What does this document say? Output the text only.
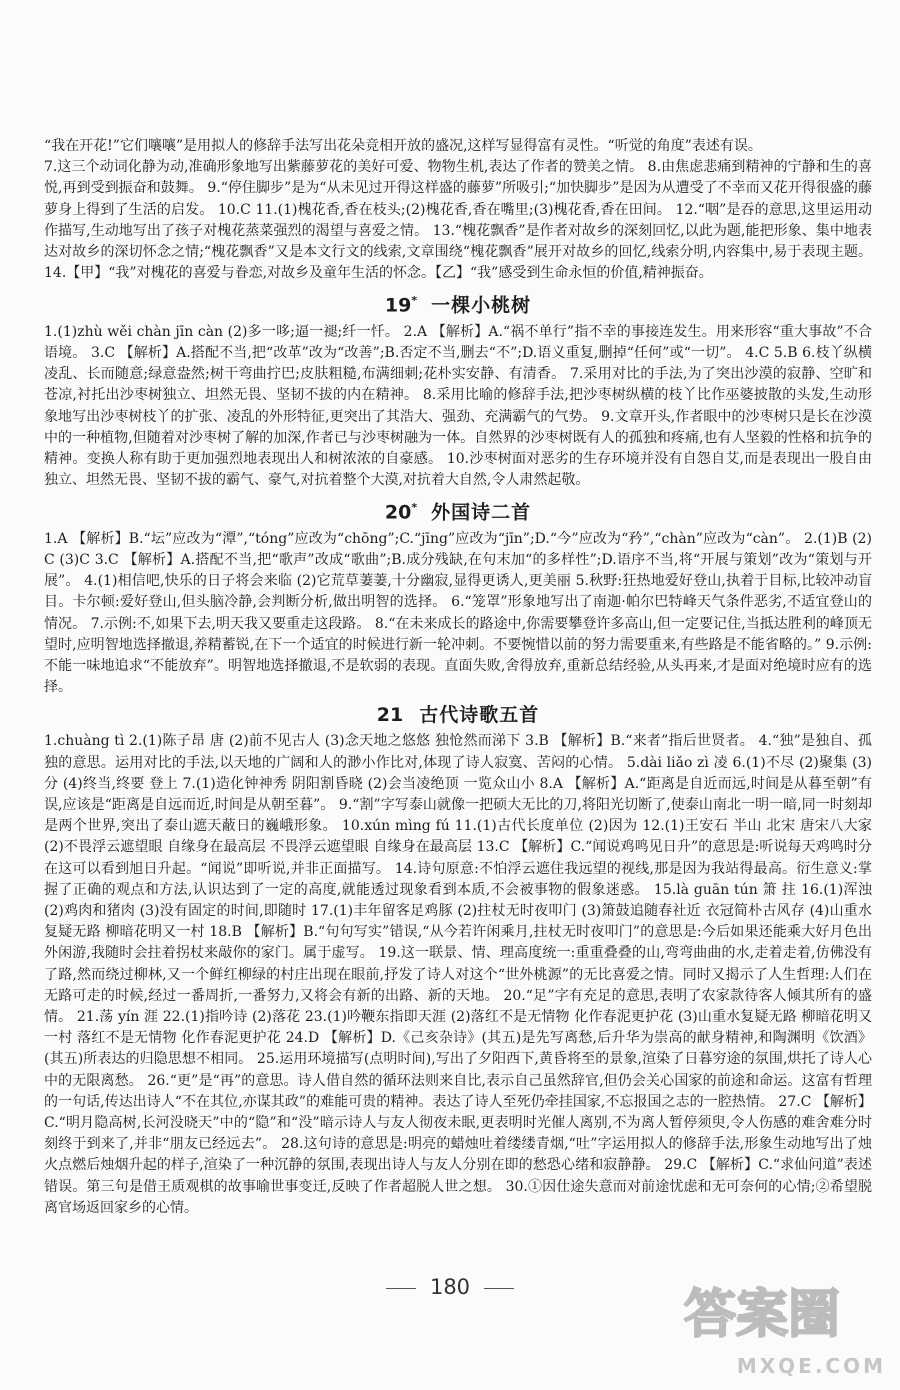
“我在开花!”它们嚷嚷”是用拟人的修辞手法写出花朵竞相开放的盛况,这样写显得富有灵性。“听觉的角度”表述有误。

7.这三个动词化静为动,准确形象地写出紫藤萝花的美好可爱、物物生机,表达了作者的赞美之情。 8.由焦虑悲痛到精神的宁静和生的喜悦,再到受到振奋和鼓舞。 9.“停住脚步”是为“从未见过开得这样盛的藤萝”所吸引;“加快脚步”是因为从遭受了不幸而又花开得很盛的藤萝身上得到了生活的启发。 10.C 11.(1)槐花香,香在枝头;(2)槐花香,香在嘴里;(3)槐花香,香在田间。 12.“咽”是吞的意思,这里运用动作描写,生动地写出了孩子对槐花蒸菜强烈的渴望与喜爱之情。 13.“槐花飘香”是作者对故乡的深刻回忆,以此为题,能把形象、集中地表达对故乡的深切怀念之情;“槐花飘香”又是本文行文的线索,文章围绕“槐花飘香”展开对故乡的回忆,线索分明,内容集中,易于表现主题。 14.【甲】“我”对槐花的喜爱与眷恋,对故乡及童年生活的怀念。【乙】“我”感受到生命永恒的价值,精神振奋。

19* 一棵小桃树

1.(1)zhù wěi chàn jīn càn (2)多一哆;逼一褪;纤一忏。 2.A 【解析】A.“祸不单行”指不幸的事接连发生。用来形容“重大事故”不合语境。 3.C 【解析】A.搭配不当,把“改革”改为“改善”;B.否定不当,删去“不”;D.语义重复,删掉“任何”或“一切”。 4.C 5.B 6.枝丫纵横凌乱、长而随意;绿意盎然;树干弯曲拧巴;皮肤粗糙,布满细刺;花朴实安静、有清香。 7.采用对比的手法,为了突出沙漠的寂静、空旷和苍凉,衬托出沙枣树独立、坦然无畏、坚韧不拔的内在精神。 8.采用比喻的修辞手法,把沙枣树纵横的枝丫比作巫婆披散的头发,生动形象地写出沙枣树枝丫的扩张、凌乱的外形特征,更突出了其浩大、强劲、充满霸气的气势。 9.文章开头,作者眼中的沙枣树只是长在沙漠中的一种植物,但随着对沙枣树了解的加深,作者已与沙枣树融为一体。自然界的沙枣树既有人的孤独和疼痛,也有人坚毅的性格和抗争的精神。变换人称有助于更加强烈地表现出人和树浓浓的自豪感。 10.沙枣树面对恶劣的生存环境并没有自怨自艾,而是表现出一股自由独立、坦然无畏、坚韧不拔的霸气、豪气,对抗着整个大漠,对抗着大自然,令人肃然起敬。

20* 外国诗二首

1.A 【解析】B.“坛”应改为“潭”,“tóng”应改为“chōng”;C.“jīng”应改为“jīn”;D.“今”应改为“矜”,“chàn”应改为“càn”。 2.(1)B (2)C (3)C 3.C 【解析】A.搭配不当,把“歌声”改成“歌曲”;B.成分残缺,在句末加“的多样性”;D.语序不当,将“开展与策划”改为“策划与开展”。 4.(1)相信吧,快乐的日子将会来临 (2)它荒草萋萋,十分幽寂,显得更诱人,更美丽 5.秋野:狂热地爱好登山,执着于目标,比较冲动盲目。卡尔顿:爱好登山,但头脑冷静,会判断分析,做出明智的选择。 6.“笼罩”形象地写出了南迦·帕尔巴特峰天气条件恶劣,不适宜登山的情况。 7.示例:不,如果下去,明天我又要重走这段路。 8.“在未来成长的路途中,你需要攀登许多高山,但一定要记住,当抵达胜利的峰顶无望时,应明智地选择撤退,养精蓄锐,在下一个适宜的时候进行新一轮冲刺。不要惋惜以前的努力需要重来,有些路是不能省略的。” 9.示例:不能一味地追求“不能放弃”。明智地选择撤退,不是软弱的表现。直面失败,舍得放弃,重新总结经验,从头再来,才是面对绝境时应有的选择。

21 古代诗歌五首

1.chuàng tì 2.(1)陈子昂 唐 (2)前不见古人 (3)念天地之悠悠 独怆然而涕下 3.B 【解析】B.“来者”指后世贤者。 4.“独”是独自、孤独的意思。运用对比的手法,以天地的广阔和人的渺小作比对,体现了诗人寂寞、苦闷的心情。 5.dài liǎo zì 凌 6.(1)不尽 (2)聚集 (3)分 (4)终当,终要 登上 7.(1)造化钟神秀 阴阳割昏晓 (2)会当凌绝顶 一览众山小 8.A 【解析】A.“距离是自近而远,时间是从暮至朝”有误,应该是“距离是自远而近,时间是从朝至暮”。 9.“割”字写泰山就像一把硕大无比的刀,将阳光切断了,使泰山南北一明一暗,同一时刻却是两个世界,突出了泰山遮天蔽日的巍峨形象。 10.xún mìng fú 11.(1)古代长度单位 (2)因为 12.(1)王安石 半山 北宋 唐宋八大家 (2)不畏浮云遮望眼 自缘身在最高层 不畏浮云遮望眼 自缘身在最高层 13.C 【解析】C.“闻说鸡鸣见日升”的意思是:听说每天鸡鸣时分在这可以看到旭日升起。“闻说”即听说,并非正面描写。 14.诗句原意:不怕浮云遮住我远望的视线,那是因为我站得最高。衍生意义:掌握了正确的观点和方法,认识达到了一定的高度,就能透过现象看到本质,不会被事物的假象迷惑。 15.là guān tún 箫 拄 16.(1)浑浊 (2)鸡肉和猪肉 (3)没有固定的时间,即随时 17.(1)丰年留客足鸡豚 (2)拄杖无时夜叩门 (3)箫鼓追随春社近 衣冠简朴古风存 (4)山重水复疑无路 柳暗花明又一村 18.B 【解析】B.“句句写实”错误,“从今若许闲乘月,拄杖无时夜叩门”的意思是:今后如果还能乘大好月色出外闲游,我随时会拄着拐杖来敲你的家门。属于虚写。 19.这一联景、情、理高度统一:重重叠叠的山,弯弯曲曲的水,走着走着,仿佛没有了路,然而绕过柳林,又一个鲜红柳绿的村庄出现在眼前,抒发了诗人对这个“世外桃源”的无比喜爱之情。同时又揭示了人生哲理:人们在无路可走的时候,经过一番周折,一番努力,又将会有新的出路、新的天地。 20.“足”字有充足的意思,表明了农家款待客人倾其所有的盛情。 21.荡 yín 涯 22.(1)指吟诗 (2)落花 23.(1)吟鞭东指即天涯 (2)落红不是无情物 化作春泥更护花 (3)山重水复疑无路 柳暗花明又一村 落红不是无情物 化作春泥更护花 24.D 【解析】D.《己亥杂诗》(其五)是先写离愁,后升华为崇高的献身精神,和陶渊明《饮酒》(其五)所表达的归隐思想不相同。 25.运用环境描写(点明时间),写出了夕阳西下,黄昏将至的景象,渲染了日暮穷途的氛围,烘托了诗人心中的无限离愁。 26.“更”是“再”的意思。诗人借自然的循环法则来自比,表示自己虽然辞官,但仍会关心国家的前途和命运。这富有哲理的一句话,传达出诗人“不在其位,亦谋其政”的难能可贵的精神。表达了诗人至死仍牵挂国家,不忘报国之志的一腔热情。 27.C 【解析】C.“明月隐高树,长河没晓天”中的“隐”和“没”暗示诗人与友人彻夜未眠,更表明时光催人离别,不为离人暂停须臾,令人伤感的难舍难分时刻终于到来了,并非“朋友已经远去”。 28.这句诗的意思是:明亮的蜡烛吐着缕缕青烟,“吐”字运用拟人的修辞手法,形象生动地写出了烛火点燃后烛烟升起的样子,渲染了一种沉静的氛围,表现出诗人与友人分别在即的愁恐心绪和寂静静。 29.C 【解析】C.“求仙问道”表述错误。第三句是借王质观棋的故事喻世事变迁,反映了作者超脱人世之想。 30.①因仕途失意而对前途忧虑和无可奈何的心情;②希望脱离官场返回家乡的心情。

180	答案圈
MXQE.COM
